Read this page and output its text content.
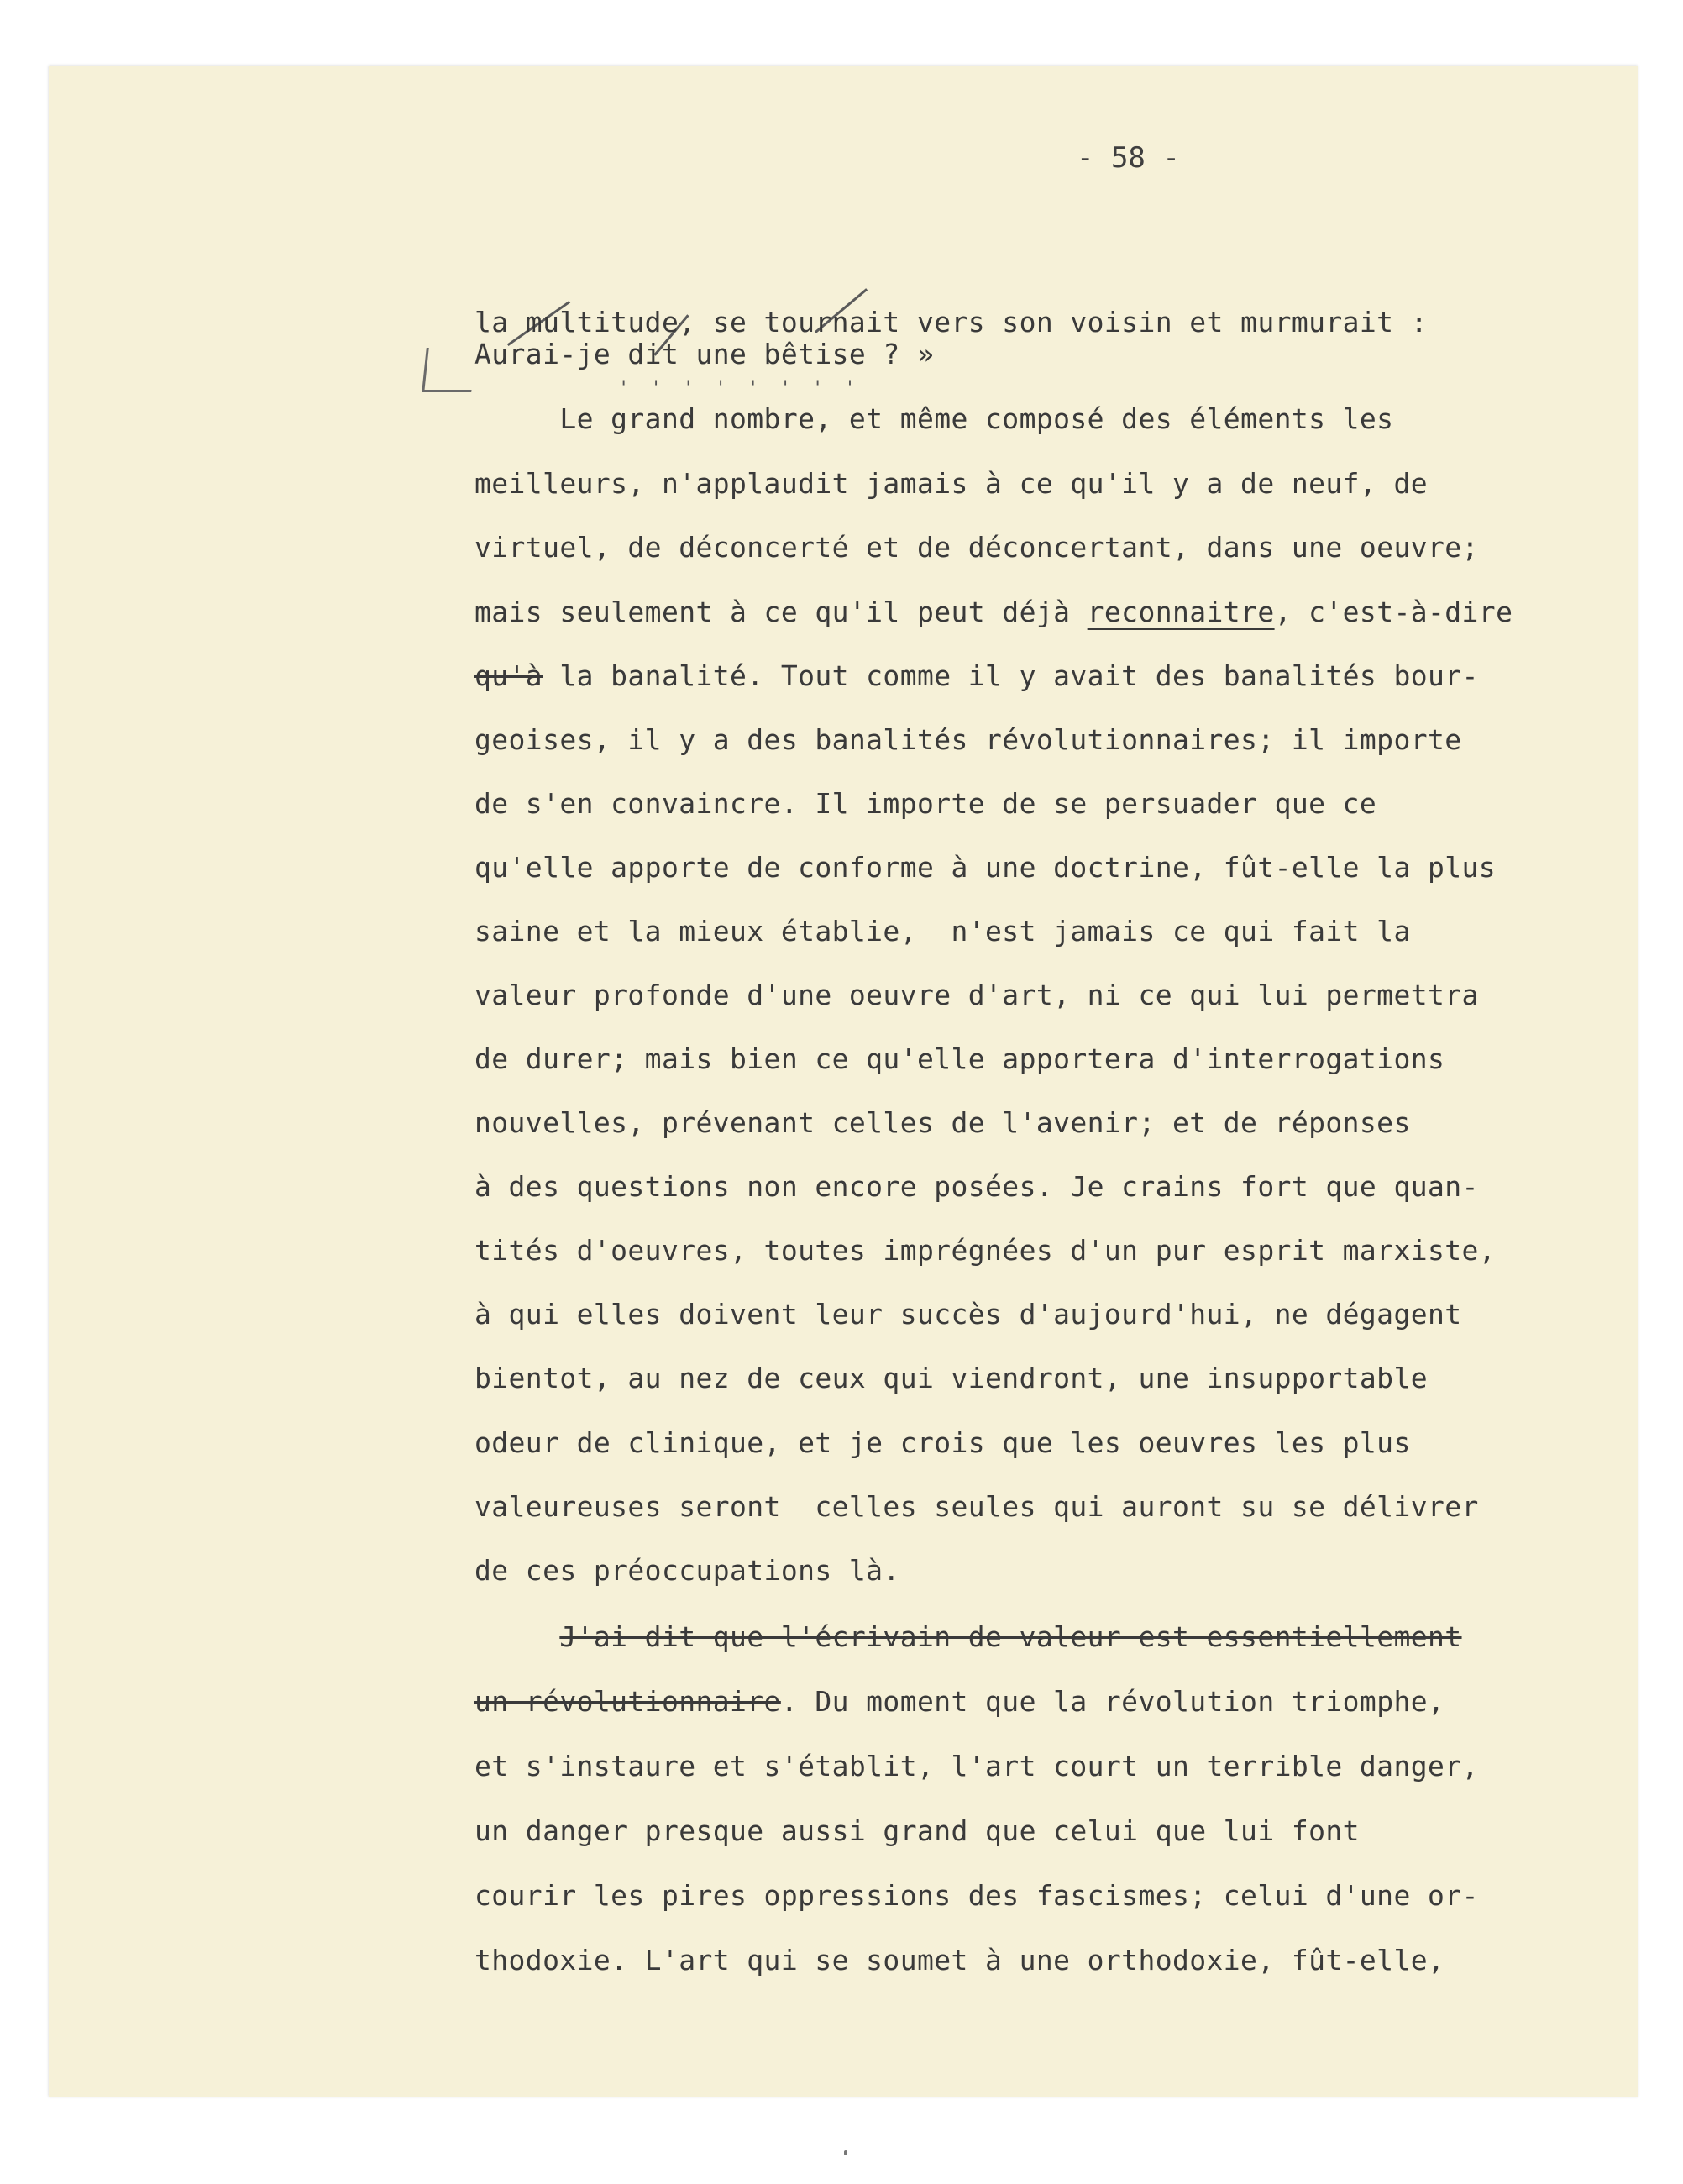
- 58 -
' ' ' ' ' ' ' '
la multitude, se tournait vers son voisin et murmurait :
Aurai-je dit une bêtise ? »
Le grand nombre, et même composé des éléments les
meilleurs, n'applaudit jamais à ce qu'il y a de neuf, de
virtuel, de déconcerté et de déconcertant, dans une oeuvre;
mais seulement à ce qu'il peut déjà reconnaitre, c'est-à-dire
qu'à la banalité. Tout comme il y avait des banalités bour-
geoises, il y a des banalités révolutionnaires; il importe
de s'en convaincre. Il importe de se persuader que ce
qu'elle apporte de conforme à une doctrine, fût-elle la plus
saine et la mieux établie,  n'est jamais ce qui fait la
valeur profonde d'une oeuvre d'art, ni ce qui lui permettra
de durer; mais bien ce qu'elle apportera d'interrogations
nouvelles, prévenant celles de l'avenir; et de réponses
à des questions non encore posées. Je crains fort que quan-
tités d'oeuvres, toutes imprégnées d'un pur esprit marxiste,
à qui elles doivent leur succès d'aujourd'hui, ne dégagent
bientot, au nez de ceux qui viendront, une insupportable
odeur de clinique, et je crois que les oeuvres les plus
valeureuses seront  celles seules qui auront su se délivrer
de ces préoccupations là.
J'ai dit que l'écrivain de valeur est essentiellement
un révolutionnaire. Du moment que la révolution triomphe,
et s'instaure et s'établit, l'art court un terrible danger,
un danger presque aussi grand que celui que lui font
courir les pires oppressions des fascismes; celui d'une or-
thodoxie. L'art qui se soumet à une orthodoxie, fût-elle,
